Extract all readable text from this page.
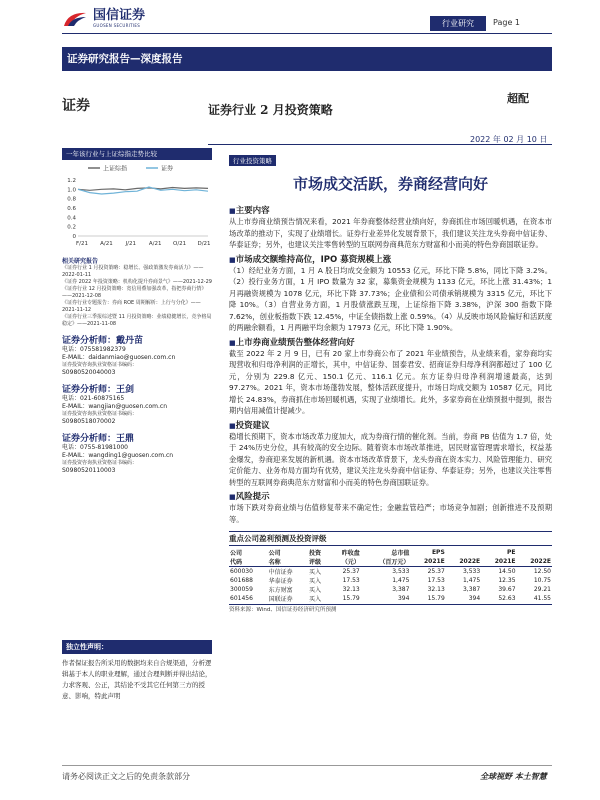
国信证券
GUOSEN SECURITIES	行业研究	Page 1
证券研究报告—深度报告
证券	证券行业 2 月投资策略
超配
2022 年 02 月 10 日
一年该行业与上证综指走势比较
上证综指	证券
1.2
1.0
0.8
0.6
0.4
0.2
0
F/21 A/21 J/21 A/21 O/21 D/21
相关研究报告
《证券行业 1 月投资策略：稳增长、强政策激发券商活力》——2022-01-11
《证券 2022 年投资策略：机构化提升券商景气》——2021-12-29
《证券行业 12 月投资策略：宽信用叠加强改革，指把券商行情》——2021-12-08
《证券行业专题报告：券商 ROE 周期解析：上行与分化》——2021-11-12
《证券行业三季报综述暨 11 月投资策略：业绩稳健增长，竞争格局稳定》——2021-11-08
证券分析师：戴丹苗
电话：075581982379
E-MAIL：daidanmiao@guosen.com.cn
证券投资咨询执业资格证书编码：
S0980520040003
证券分析师：王剑
电话：021-60875165
E-MAIL：wangjian@guosen.com.cn
证券投资咨询执业资格证书编码：
S0980518070002
证券分析师：王鼎
电话：0755-81981000
E-MAIL：wangding1@guosen.com.cn
证券投资咨询执业资格证书编码：
S0980520110003
独立性声明：
作者保证报告所采用的数据均来自合规渠道，分析逻辑基于本人的职业理解，通过合理判断并得出结论，力求客观、公正，其结论不受其它任何第三方的授意、影响，特此声明
行业投资策略
市场成交活跃，券商经营向好
■ 主要内容
从上市券商业绩预告情况来看，2021 年券商整体经营业绩向好，券商抓住市场回暖机遇，在资本市场改革的推动下，实现了业绩增长。证券行业差异化发展背景下，我们建议关注龙头券商中信证券、华泰证券；另外，也建议关注零售转型的互联网券商典范东方财富和小而美的特色券商国联证券。
■ 市场成交额维持高位，IPO 募资规模上涨
（1）经纪业务方面，1 月 A 股日均成交金额为 10553 亿元，环比下降 5.8%，同比下降 3.2%。（2）投行业务方面，1 月 IPO 数量为 32 家，募集资金规模为 1133 亿元，环比上涨 31.43%；1 月再融资规模为 1078 亿元，环比下降 37.73%；企业债和公司债承销规模为 3315 亿元，环比下降 10%。（3）自营业务方面，1 月股债涨跌互现，上证综指下降 3.38%，沪深 300 指数下降 7.62%，创业板指数下跌 12.45%，中证全债指数上涨 0.59%。（4）从反映市场风险偏好和活跃度的两融余额看，1 月两融平均余额为 17973 亿元，环比下降 1.90%。
■ 上市券商业绩预告整体经营向好
截至 2022 年 2 月 9 日，已有 20 家上市券商公布了 2021 年业绩预告，从业绩来看，家券商均实现营收和归母净利润的正增长，其中，中信证券、国泰君安、招商证券归母净利润都超过了 100 亿元，分别为 229.8 亿元、150.1 亿元、116.1 亿元。东方证券归母净利润增速最高，达到 97.27%。2021 年，资本市场蓬勃发展，整体活跃度提升，市场日均成交额为 10587 亿元，同比增长 24.83%，券商抓住市场回暖机遇，实现了业绩增长。此外，多家券商在业绩预报中提到，报告期内信用减值计提减少。
■ 投资建议
稳增长预期下，资本市场改革力度加大，成为券商行情的催化剂。当前，券商 PB 估值为 1.7 倍，处于 24%历史分位，具有较高的安全边际。随着资本市场改革推进，居民财富管理需求增长，权益基金爆发，券商迎来发展的新机遇。资本市场改革背景下，龙头券商在资本实力、风险管理能力、研究定价能力、业务布局方面均有优势，建议关注龙头券商中信证券、华泰证券；另外，也建议关注零售转型的互联网券商典范东方财富和小而美的特色券商国联证券。
■ 风险提示
市场下跌对券商业绩与估值修复带来不确定性；金融监管趋严；市场竞争加剧；创新推进不及预期等。
重点公司盈利预测及投资评级
公司	公司	投资	昨收盘	总市值	EPS		PE	
代码	名称	评级	（元）	（百万元）	2021E	2022E	2021E	2022E
600030	中信证券	买入	25.37	3,533	25.37	3,533	14.50	12.50
601688	华泰证券	买入	17.53	1,475	17.53	1,475	12.35	10.75
300059	东方财富	买入	32.13	3,387	32.13	3,387	39.67	29.21
601456	国联证券	买入	15.79	394	15.79	394	52.63	41.55
资料来源：Wind、国信证券经济研究所预测
请务必阅读正文之后的免责条款部分	全球视野 本土智慧
